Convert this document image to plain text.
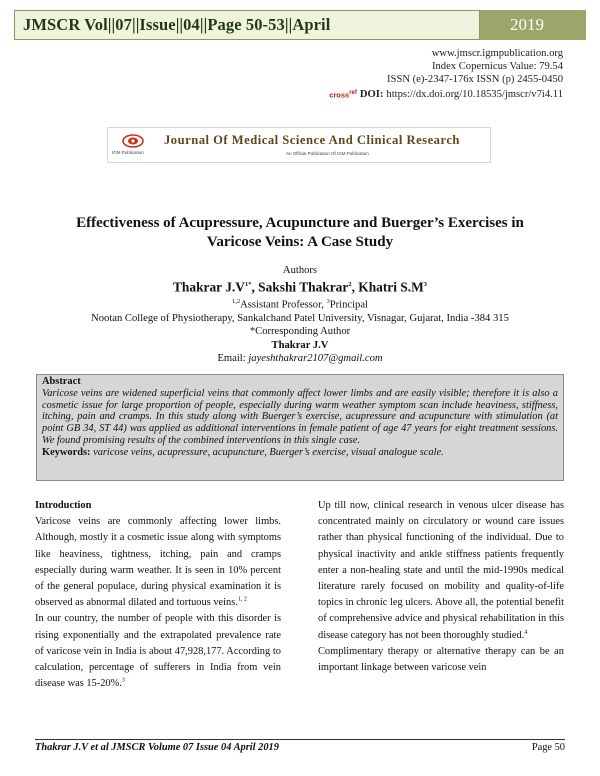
JMSCR Vol||07||Issue||04||Page 50-53||April	2019
www.jmscr.igmpublication.org
Index Copernicus Value: 79.54
ISSN (e)-2347-176x ISSN (p) 2455-0450
cross$^{ref}$ DOI: https://dx.doi.org/10.18535/jmscr/v7i4.11
IGM Publication
Journal Of Medical Science And Clinical Research
An Official Publication Of IGM Publication
Effectiveness of Acupressure, Acupuncture and Buerger’s Exercises in
Varicose Veins: A Case Study
Authors
Thakrar $J.V^{1*}$, Sakshi Thakrar$^2$, Khatri $S.M^3$
$^{1,2}$Assistant Professor, $^3$Principal
Nootan College of Physiotherapy, Sankalchand Patel University, Visnagar, Gujarat, India -384 315
*Corresponding Author
Thakrar J.V
Email: jayeshthakrar2107@gmail.com
Abstract
Varicose veins are widened superficial veins that commonly affect lower limbs and are easily visible; therefore it is also a cosmetic issue for large proportion of people, especially during warm weather symptom scan include heaviness, stiffness, itching, pain and cramps. In this study along with Buerger’s exercise, acupressure and acupuncture with stimulation (at point GB 34, ST 44) was applied as additional interventions in female patient of age 47 years for eight treatment sessions. We found promising results of the combined interventions in this single case.
Keywords: varicose veins, acupressure, acupuncture, Buerger’s exercise, visual analogue scale.
Introduction

Varicose veins are commonly affecting lower limbs. Although, mostly it a cosmetic issue along with symptoms like heaviness, tightness, itching, pain and cramps especially during warm weather. It is seen in 10% percent of the general populace, during physical examination it is observed as abnormal dilated and tortuous veins.$^{1, 2}$

In our country, the number of people with this disorder is rising exponentially and the extrapolated prevalence rate of varicose vein in India is about 47,928,177. According to calculation, percentage of sufferers in India from vein disease was 15-20%.$^3$

Up till now, clinical research in venous ulcer disease has concentrated mainly on circulatory or wound care issues rather than physical functioning of the individual. Due to physical inactivity and ankle stiffness patients frequently enter a non-healing state and until the mid-1990s medical literature rarely focused on mobility and quality-of-life topics in chronic leg ulcers. Above all, the potential benefit of comprehensive advice and physical rehabilitation in this disease category has not been thoroughly studied.$^4$

Complimentary therapy or alternative therapy can be an important linkage between varicose vein

Thakrar J.V et al JMSCR Volume 07 Issue 04 April 2019	Page 50
